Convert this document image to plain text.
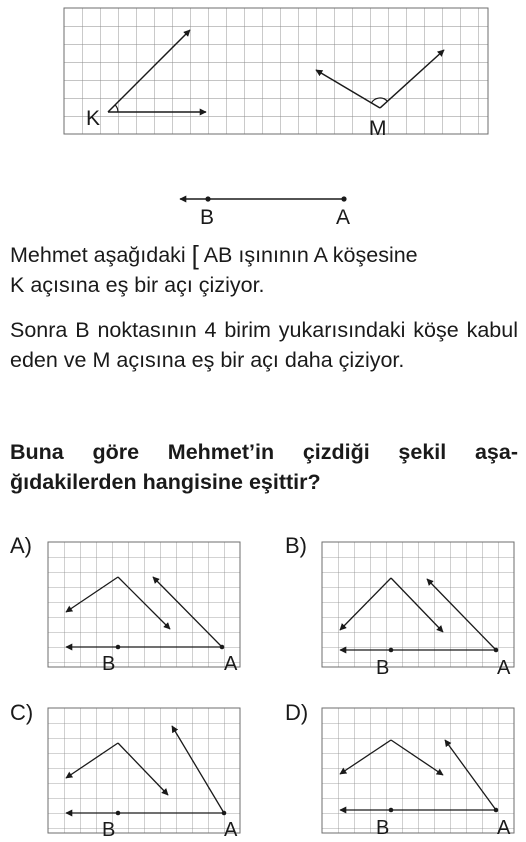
K	M
B	A
B	A	B	A
B	A	B	A
Mehmet aşağıdaki [ AB ışınının A köşesine
K açısına eş bir açı çiziyor.

Sonra B noktasının 4 birim yukarısındaki köşe kabul eden ve M açısına eş bir açı daha çiziyor.

Buna göre Mehmet’in çizdiği şekil aşa-ğıdakilerden hangisine eşittir?

A)	B)
C)	D)
